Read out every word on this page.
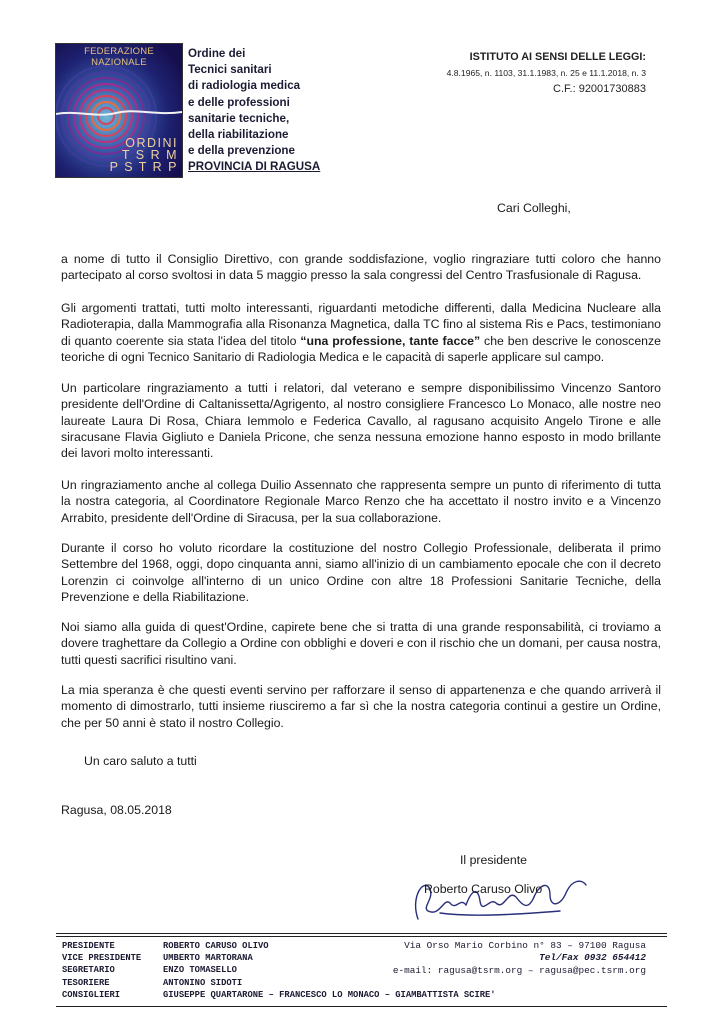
FEDERAZIONE NAZIONALE
ORDINI
T S R M
P S T R P
Ordine dei
Tecnici sanitari
di radiologia medica
e delle professioni
sanitarie tecniche,
della riabilitazione
e della prevenzione
PROVINCIA DI RAGUSA
ISTITUTO AI SENSI DELLE LEGGI:
4.8.1965, n. 1103, 31.1.1983, n. 25 e 11.1.2018, n. 3
C.F.: 92001730883
Cari Colleghi,
a nome di tutto il Consiglio Direttivo, con grande soddisfazione, voglio ringraziare tutti coloro che hanno partecipato al corso svoltosi in data 5 maggio presso la sala congressi del Centro Trasfusionale di Ragusa.
Gli argomenti trattati, tutti molto interessanti, riguardanti metodiche differenti, dalla Medicina Nucleare alla Radioterapia, dalla Mammografia alla Risonanza Magnetica, dalla TC fino al sistema Ris e Pacs, testimoniano di quanto coerente sia stata l'idea del titolo “una professione, tante facce” che ben descrive le conoscenze teoriche di ogni Tecnico Sanitario di Radiologia Medica e le capacità di saperle applicare sul campo.
Un particolare ringraziamento a tutti i relatori, dal veterano e sempre disponibilissimo Vincenzo Santoro presidente dell'Ordine di Caltanissetta/Agrigento, al nostro consigliere Francesco Lo Monaco, alle nostre neo laureate Laura Di Rosa, Chiara Iemmolo e Federica Cavallo, al ragusano acquisito Angelo Tirone e alle siracusane Flavia Gigliuto e Daniela Pricone, che senza nessuna emozione hanno esposto in modo brillante dei lavori molto interessanti.
Un ringraziamento anche al collega Duilio Assennato che rappresenta sempre un punto di riferimento di tutta la nostra categoria, al Coordinatore Regionale Marco Renzo che ha accettato il nostro invito e a Vincenzo Arrabito, presidente dell'Ordine di Siracusa, per la sua collaborazione.
Durante il corso ho voluto ricordare la costituzione del nostro Collegio Professionale, deliberata il primo Settembre del 1968, oggi, dopo cinquanta anni, siamo all'inizio di un cambiamento epocale che con il decreto Lorenzin ci coinvolge all'interno di un unico Ordine con altre 18 Professioni Sanitarie Tecniche, della Prevenzione e della Riabilitazione.
Noi siamo alla guida di quest'Ordine, capirete bene che si tratta di una grande responsabilità, ci troviamo a dovere traghettare da Collegio a Ordine con obblighi e doveri e con il rischio che un domani, per causa nostra, tutti questi sacrifici risultino vani.
La mia speranza è che questi eventi servino per rafforzare il senso di appartenenza e che quando arriverà il momento di dimostrarlo, tutti insieme riusciremo a far sì che la nostra categoria continui a gestire un Ordine, che per 50 anni è stato il nostro Collegio.
Un caro saluto a tutti
Ragusa, 08.05.2018
Il presidente
Roberto Caruso Olivo
PRESIDENTE
VICE PRESIDENTE
SEGRETARIO
TESORIERE
CONSIGLIERI
ROBERTO CARUSO OLIVO
UMBERTO MARTORANA
ENZO TOMASELLO
ANTONINO SIDOTI
GIUSEPPE QUARTARONE – FRANCESCO LO MONACO – GIAMBATTISTA SCIRE'
Via Orso Mario Corbino n° 83 – 97100 Ragusa
Tel/Fax 0932 654412
e-mail: ragusa@tsrm.org – ragusa@pec.tsrm.org
